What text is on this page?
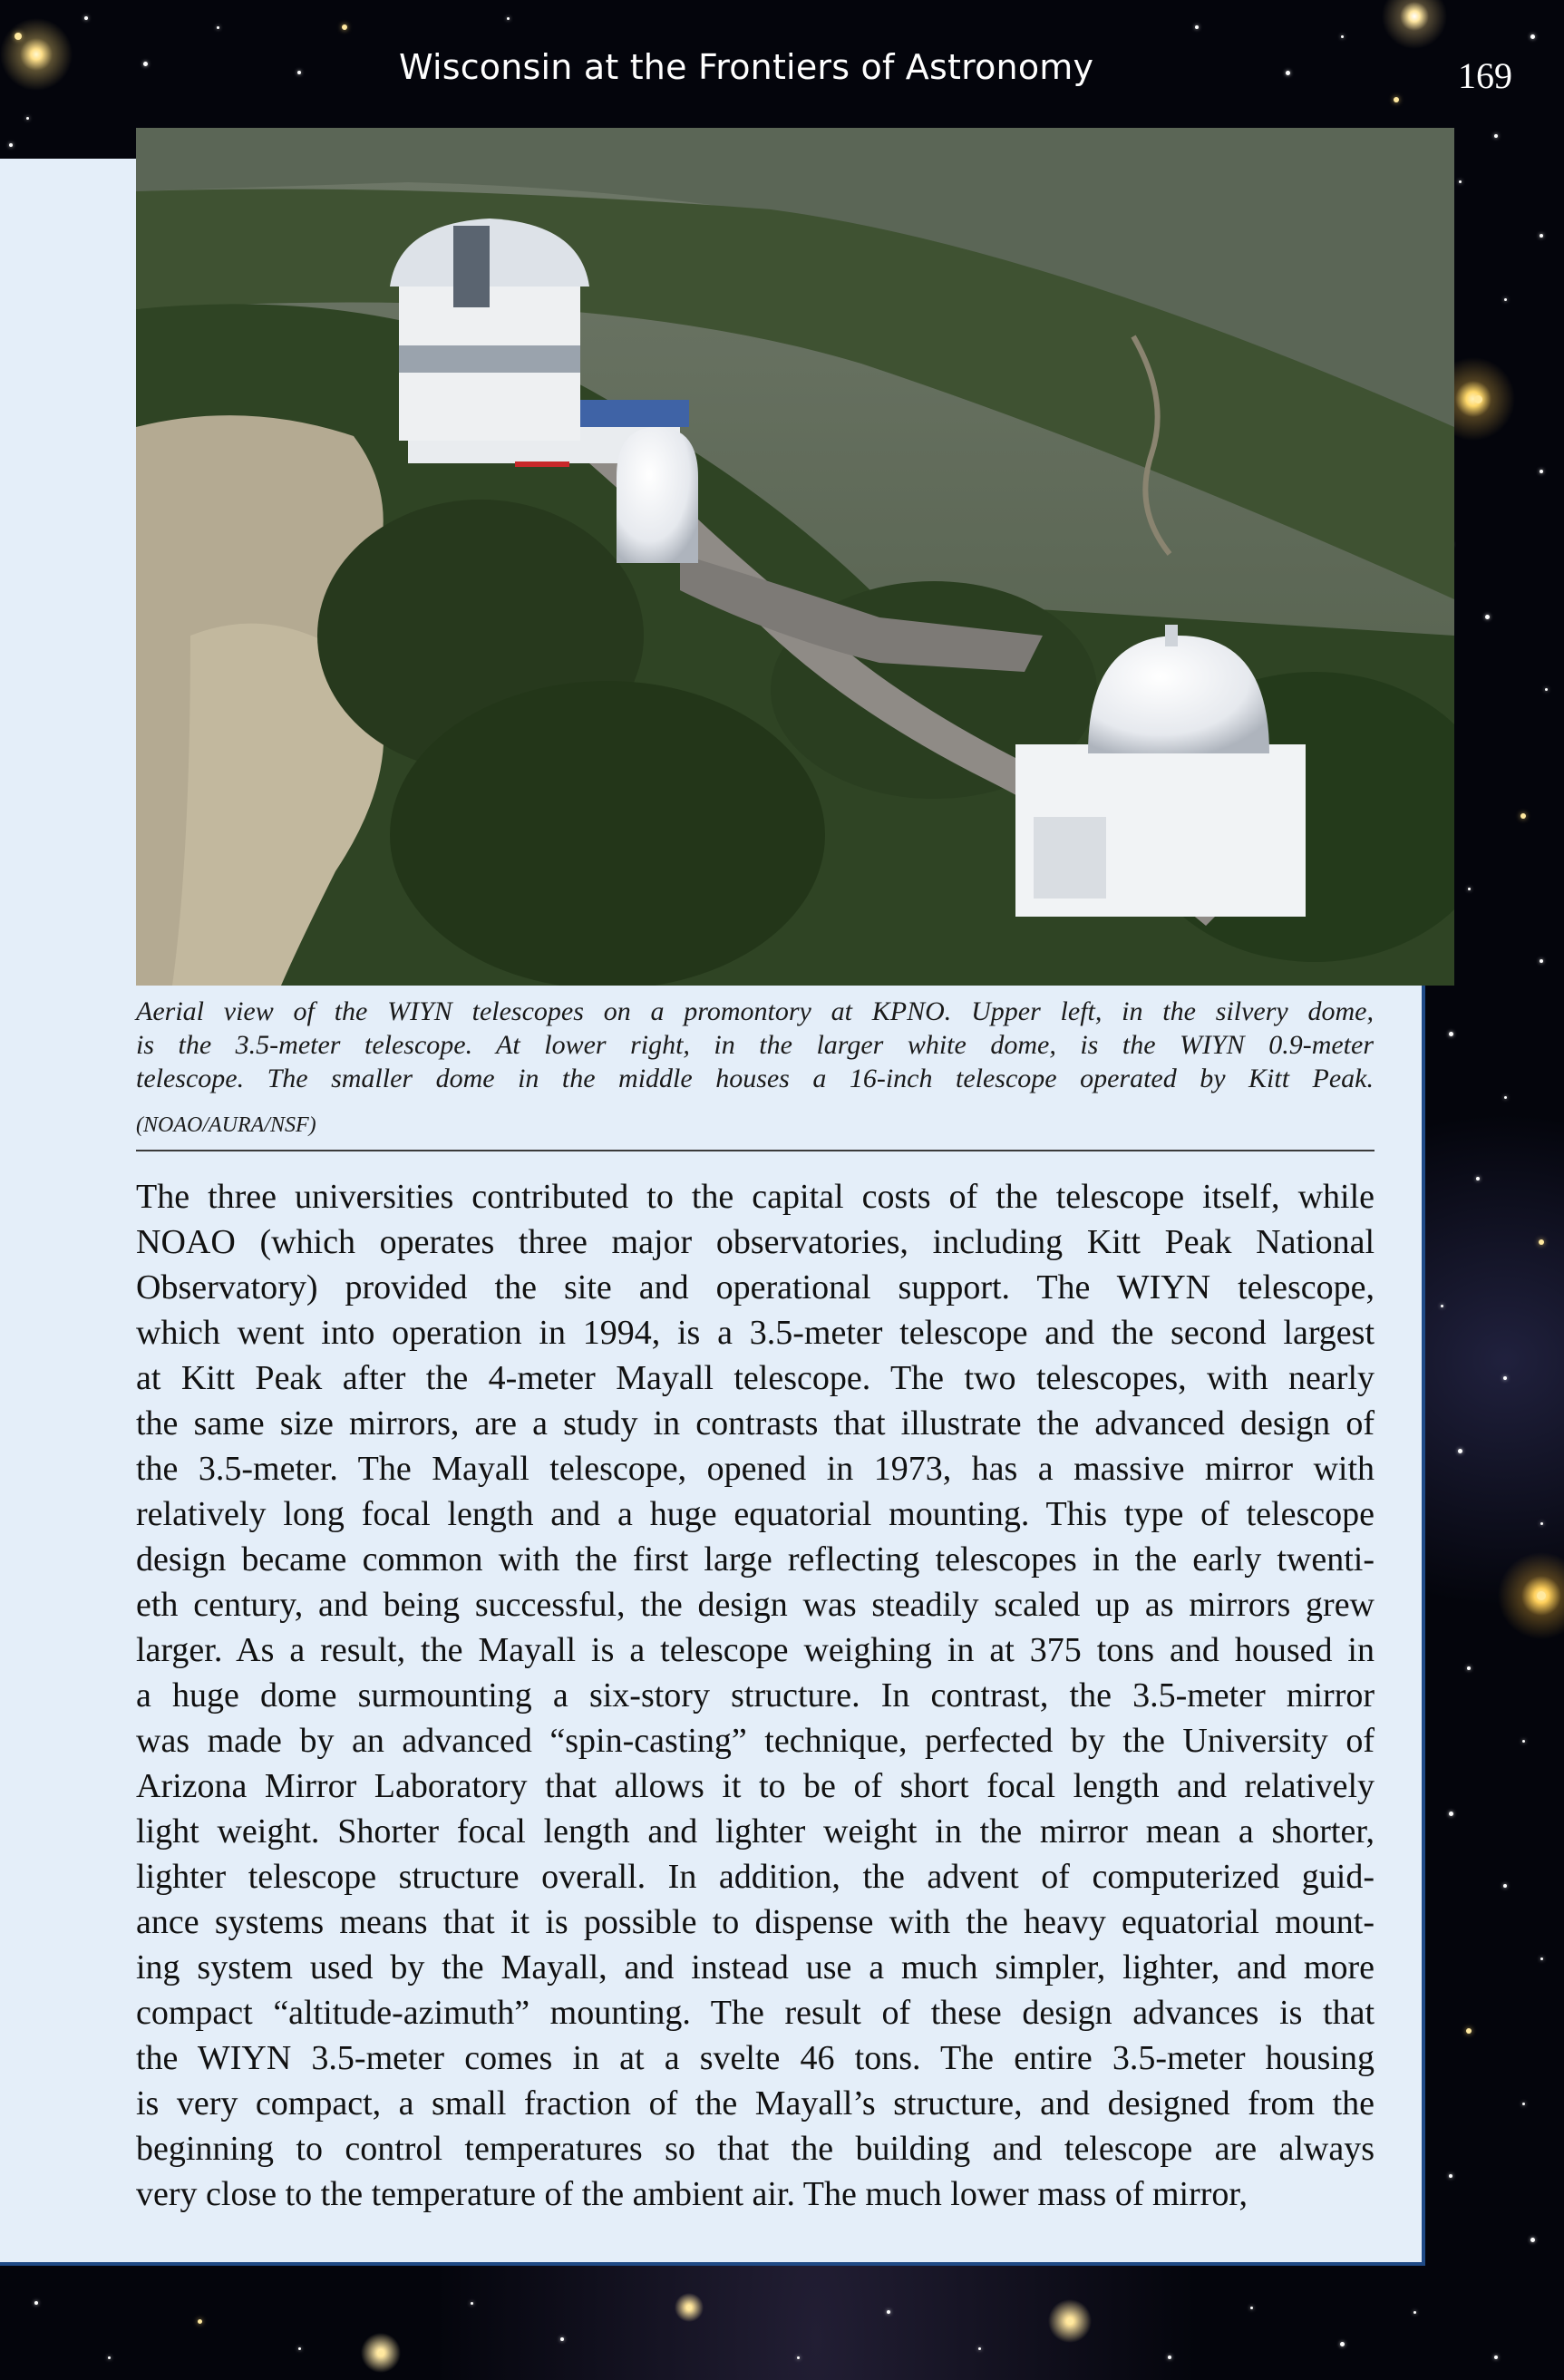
Wisconsin at the Frontiers of Astronomy	169
Aerial view of the WIYN telescopes on a promontory at KPNO. Upper left, in the silvery dome,
is the 3.5-meter telescope. At lower right, in the larger white dome, is the WIYN 0.9-meter
telescope. The smaller dome in the middle houses a 16-inch telescope operated by Kitt Peak.
(NOAO/AURA/NSF)
The three universities contributed to the capital costs of the telescope itself, while
NOAO (which operates three major observatories, including Kitt Peak National
Observatory) provided the site and operational support. The WIYN telescope,
which went into operation in 1994, is a 3.5-meter telescope and the second largest
at Kitt Peak after the 4-meter Mayall telescope. The two telescopes, with nearly
the same size mirrors, are a study in contrasts that illustrate the advanced design of
the 3.5-meter. The Mayall telescope, opened in 1973, has a massive mirror with
relatively long focal length and a huge equatorial mounting. This type of telescope
design became common with the first large reflecting telescopes in the early twenti-
eth century, and being successful, the design was steadily scaled up as mirrors grew
larger. As a result, the Mayall is a telescope weighing in at 375 tons and housed in
a huge dome surmounting a six-story structure. In contrast, the 3.5-meter mirror
was made by an advanced “spin-casting” technique, perfected by the University of
Arizona Mirror Laboratory that allows it to be of short focal length and relatively
light weight. Shorter focal length and lighter weight in the mirror mean a shorter,
lighter telescope structure overall. In addition, the advent of computerized guid-
ance systems means that it is possible to dispense with the heavy equatorial mount-
ing system used by the Mayall, and instead use a much simpler, lighter, and more
compact “altitude-azimuth” mounting. The result of these design advances is that
the WIYN 3.5-meter comes in at a svelte 46 tons. The entire 3.5-meter housing
is very compact, a small fraction of the Mayall’s structure, and designed from the
beginning to control temperatures so that the building and telescope are always
very close to the temperature of the ambient air. The much lower mass of mirror,
